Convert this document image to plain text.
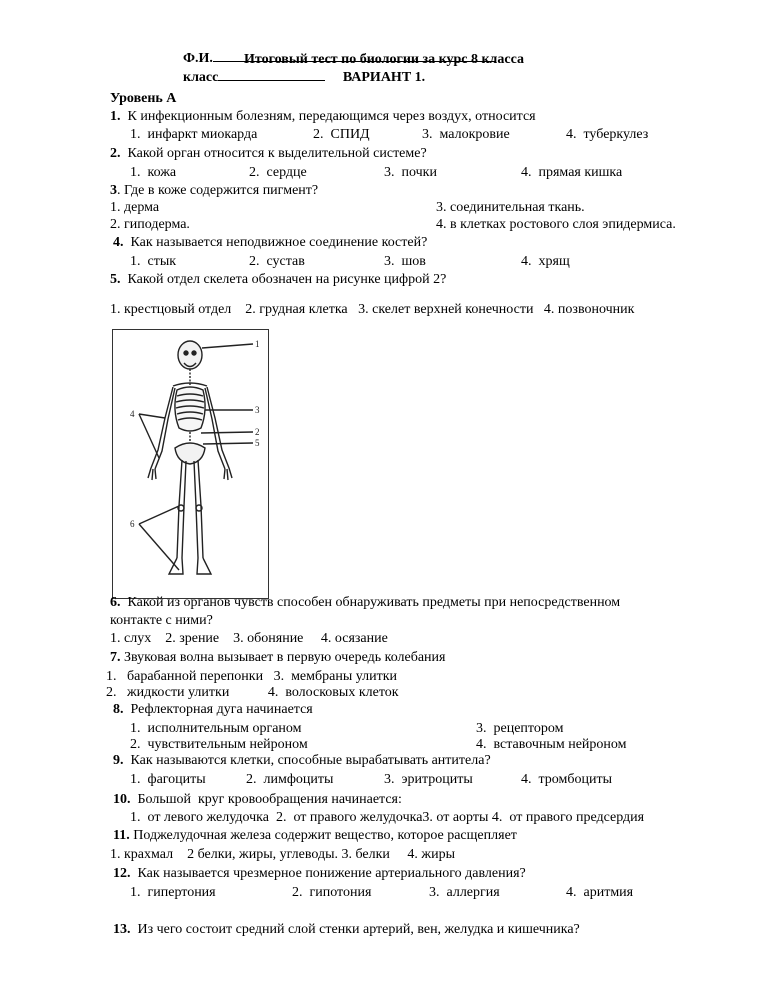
Ф.И.
класс

Итоговый тест по биологии за курс 8 класса
ВАРИАНТ 1.
Уровень А
1. К инфекционным болезням, передающимся через воздух, относится
1.  инфаркт миокарда	2.  СПИД	3.  малокровие	4.  туберкулез
2. Какой орган относится к выделительной системе?
1.  кожа	2.  сердце	3.  почки	4.  прямая кишка
3. Где в коже содержится пигмент?
1. дерма	3. соединительная ткань.
2. гиподерма.	4. в клетках ростового слоя эпидермиса.
4. Как называется неподвижное соединение костей?
1.  стык	2.  сустав	3.  шов	4.  хрящ
5. Какой отдел скелета обозначен на рисунке цифрой 2?
1. крестцовый отдел    2. грудная клетка   3. скелет верхней конечности   4. позвоночник
1
3
2
5
4
6
6. Какой из органов чувств способен обнаруживать предметы при непосредственном
контакте с ними?
1. слух    2. зрение    3. обоняние     4. осязание
7. Звуковая волна вызывает в первую очередь колебания
1.   барабанной перепонки   3.  мембраны улитки
2.   жидкости улитки           4.  волосковых клеток
8. Рефлекторная дуга начинается
1.  исполнительным органом	3.  рецептором
2.  чувствительным нейроном	4.  вставочным нейроном
9. Как называются клетки, способные вырабатывать антитела?
1.  фагоциты	2.  лимфоциты	3.  эритроциты	4.  тромбоциты
10. Большой  круг кровообращения начинается:
1.  от левого желудочка  2.  от правого желудочка3. от аорты 4.  от правого предсердия
11. Поджелудочная железа содержит вещество, которое расщепляет
1. крахмал    2 белки, жиры, углеводы. 3. белки     4. жиры
12. Как называется чрезмерное понижение артериального давления?
1.  гипертония	2.  гипотония	3.  аллергия	4.  аритмия
13. Из чего состоит средний слой стенки артерий, вен, желудка и кишечника?
